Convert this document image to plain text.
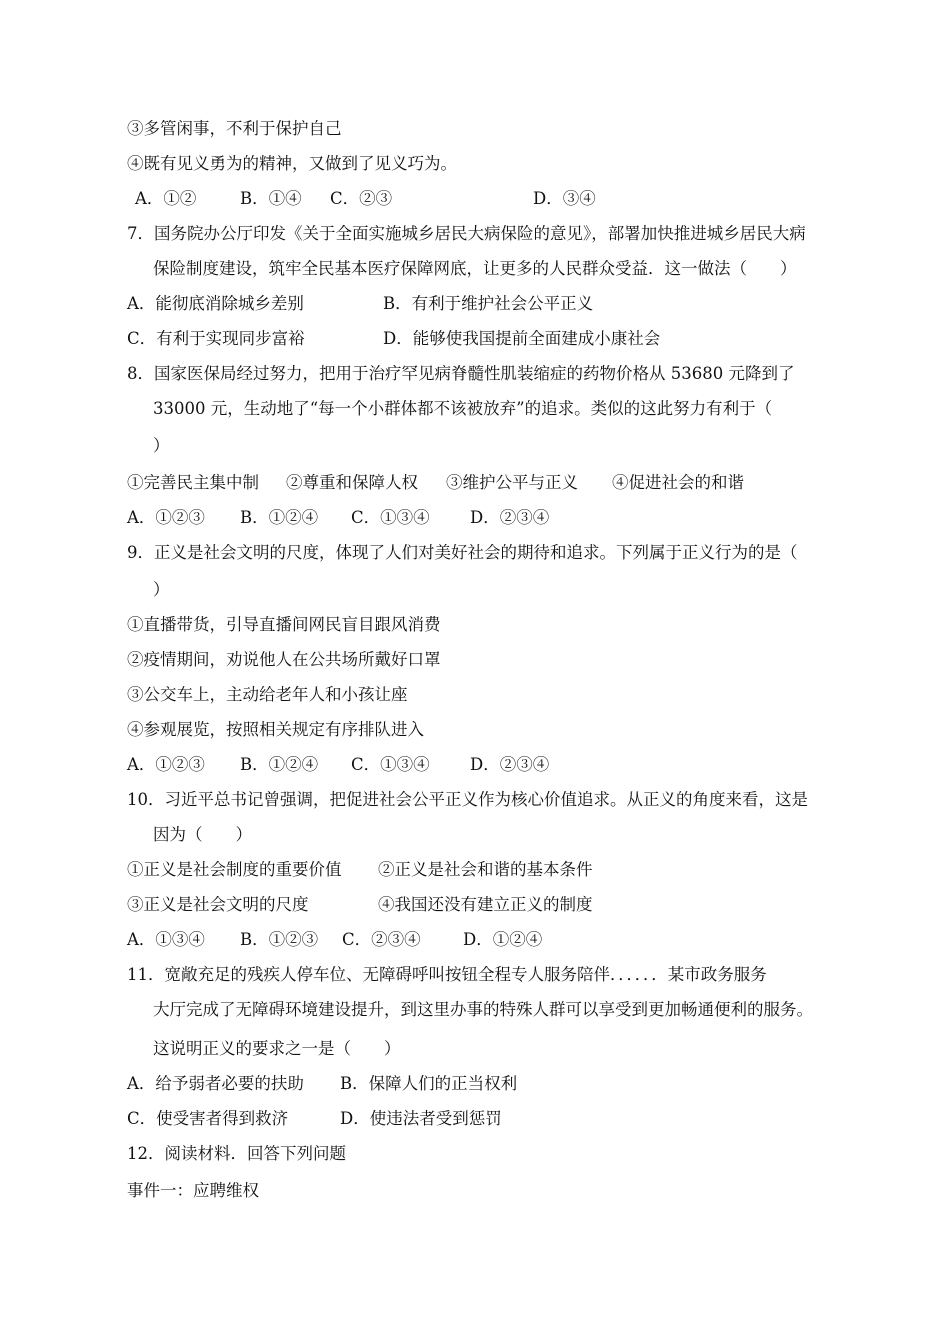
③多管闲事，不利于保护自己
④既有见义勇为的精神，又做到了见义巧为。
A．①②	B．①④ C．②③	D．③④
7．国务院办公厅印发《关于全面实施城乡居民大病保险的意见》，部署加快推进城乡居民大病
保险制度建设，筑牢全民基本医疗保障网底，让更多的人民群众受益．这一做法（　　）
A．能彻底消除城乡差别	B．有利于维护社会公平正义
C．有利于实现同步富裕	D．能够使我国提前全面建成小康社会
8．国家医保局经过努力，把用于治疗罕见病脊髓性肌装缩症的药物价格从 53680 元降到了
33000 元，生动地了“每一个小群体都不该被放弃”的追求。类似的这此努力有利于（
）
①完善民主集中制 ②尊重和保障人权 ③维护公平与正义 ④促进社会的和谐
A．①②③ B．①②④ C．①③④ D．②③④
9．正义是社会文明的尺度，体现了人们对美好社会的期待和追求。下列属于正义行为的是（
）
①直播带货，引导直播间网民盲目跟风消费
②疫情期间，劝说他人在公共场所戴好口罩
③公交车上，主动给老年人和小孩让座
④参观展览，按照相关规定有序排队进入
A．①②③ B．①②④ C．①③④ D．②③④
10．习近平总书记曾强调，把促进社会公平正义作为核心价值追求。从正义的角度来看，这是
因为（　　）
①正义是社会制度的重要价值 ②正义是社会和谐的基本条件
③正义是社会文明的尺度	④我国还没有建立正义的制度
A．①③④ B．①②③ C．②③④	D．①②④
11．宽敞充足的残疾人停车位、无障碍呼叫按钮全程专人服务陪伴．．．．．．某市政务服务
大厅完成了无障碍环境建设提升，到这里办事的特殊人群可以享受到更加畅通便利的服务。
这说明正义的要求之一是（　　）
A．给予弱者必要的扶助 B．保障人们的正当权利
C．使受害者得到救济	D．使违法者受到惩罚
12．阅读材料．回答下列问题
事件一：应聘维权
